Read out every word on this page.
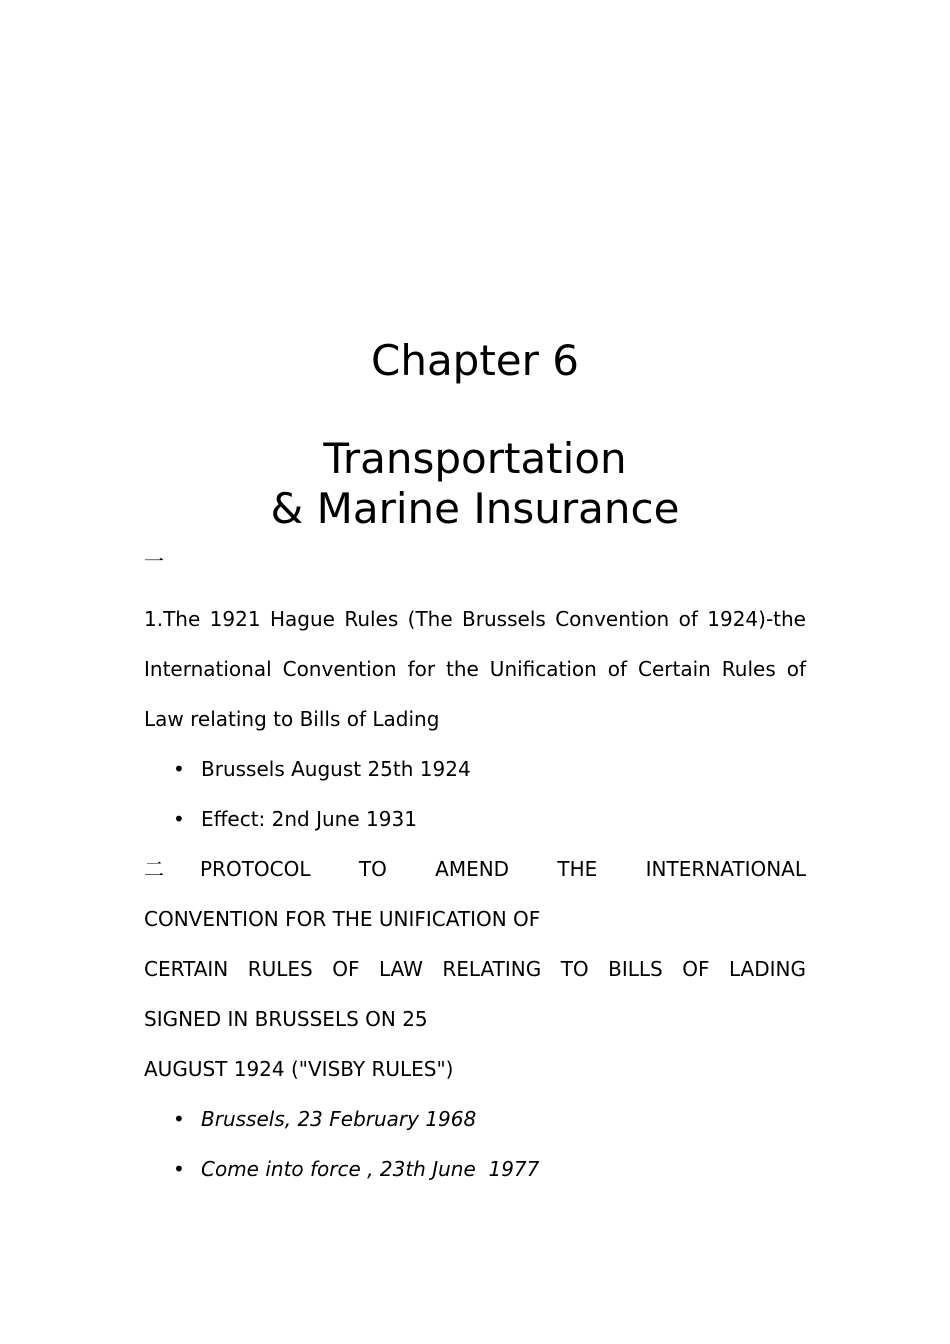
Chapter 6
Transportation
& Marine Insurance
一
1.The 1921 Hague Rules (The Brussels Convention of 1924)-the International Convention for the Unification of Certain Rules of Law relating to Bills of Lading
• Brussels August 25th 1924
• Effect: 2nd June 1931
二 PROTOCOL TO AMEND THE INTERNATIONAL
CONVENTION FOR THE UNIFICATION OF
CERTAIN RULES OF LAW RELATING TO BILLS OF LADING
SIGNED IN BRUSSELS ON 25
AUGUST 1924 ("VISBY RULES")
• Brussels, 23 February 1968
• Come into force , 23th June  1977
